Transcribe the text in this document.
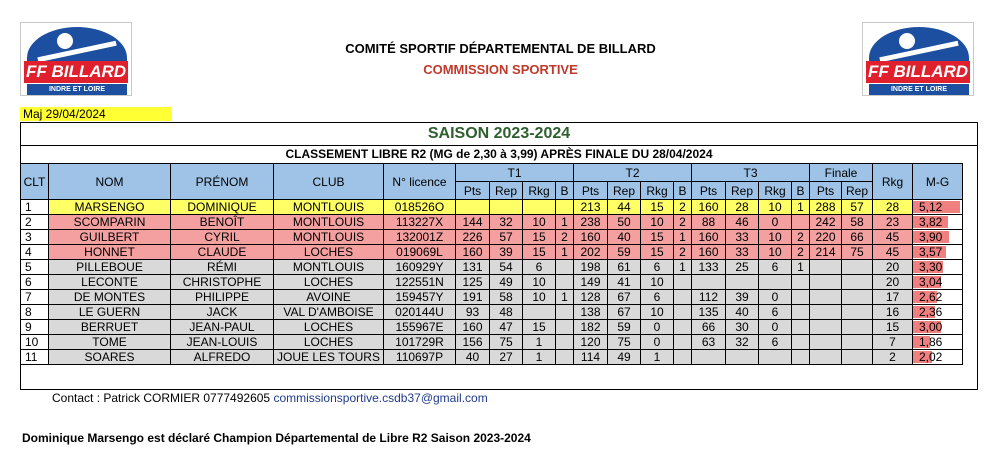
FF BILLARD
INDRE ET LOIRE
FF BILLARD
INDRE ET LOIRE
COMITÉ SPORTIF DÉPARTEMENTAL DE BILLARD
COMMISSION SPORTIVE
Maj 29/04/2024
SAISON 2023-2024
CLASSEMENT LIBRE R2 (MG de 2,30 à 3,99) APRÈS FINALE DU 28/04/2024
CLT	NOM	PRÉNOM	CLUB	N° licence	T1				T2				T3				Finale		Rkg	M-G
					Pts	Rep	Rkg	B	Pts	Rep	Rkg	B	Pts	Rep	Rkg	B	Pts	Rep		
1	MARSENGO	DOMINIQUE	MONTLOUIS	018526O					213	44	15	2	160	28	10	1	288	57	28	5,12
2	SCOMPARIN	BENOÎT	MONTLOUIS	113227X	144	32	10	1	238	50	10	2	88	46	0		242	58	23	3,82
3	GUILBERT	CYRIL	MONTLOUIS	132001Z	226	57	15	2	160	40	15	1	160	33	10	2	220	66	45	3,90
4	HONNET	CLAUDE	LOCHES	019069L	160	39	15	1	202	59	15	2	160	33	10	2	214	75	45	3,57
5	PILLEBOUE	RÉMI	MONTLOUIS	160929Y	131	54	6		198	61	6	1	133	25	6	1			20	3,30
6	LECONTE	CHRISTOPHE	LOCHES	122551N	125	49	10		149	41	10								20	3,04
7	DE MONTES	PHILIPPE	AVOINE	159457Y	191	58	10	1	128	67	6		112	39	0				17	2,62
8	LE GUERN	JACK	VAL D'AMBOISE	020144U	93	48			138	67	10		135	40	6				16	2,36
9	BERRUET	JEAN-PAUL	LOCHES	155967E	160	47	15		182	59	0		66	30	0				15	3,00
10	TOME	JEAN-LOUIS	LOCHES	101729R	156	75	1		120	75	0		63	32	6				7	1,86
11	SOARES	ALFREDO	JOUE LES TOURS	110697P	40	27	1		114	49	1								2	2,02
Contact : Patrick CORMIER 0777492605 commissionsportive.csdb37@gmail.com
Dominique Marsengo est déclaré Champion Départemental de Libre R2 Saison 2023-2024
